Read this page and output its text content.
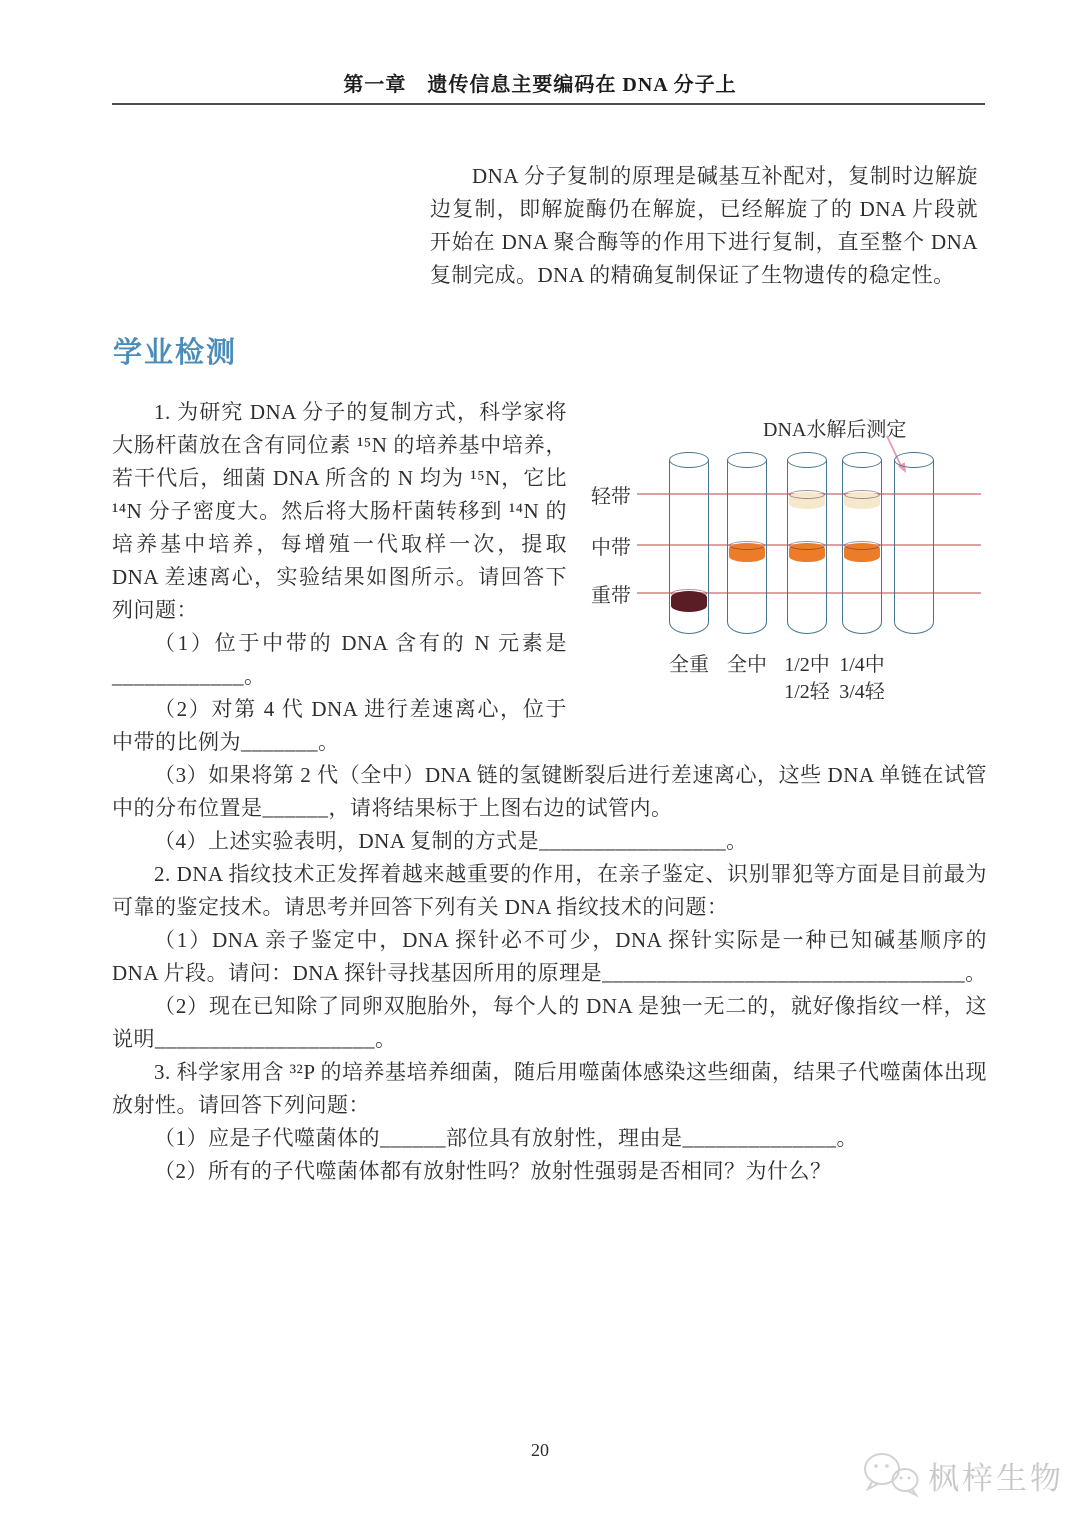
第一章　遗传信息主要编码在 DNA 分子上
DNA 分子复制的原理是碱基互补配对，复制时边解旋边复制，即解旋酶仍在解旋，已经解旋了的 DNA 片段就开始在 DNA 聚合酶等的作用下进行复制，直至整个 DNA 复制完成。DNA 的精确复制保证了生物遗传的稳定性。
学业检测
DNA水解后测定
轻带
中带
重带
全重 全中 1/2中
1/2轻
1/4中
3/4轻

1. 为研究 DNA 分子的复制方式，科学家将大肠杆菌放在含有同位素 ¹⁵N 的培养基中培养，若干代后，细菌 DNA 所含的 N 均为 ¹⁵N，它比 ¹⁴N 分子密度大。然后将大肠杆菌转移到 ¹⁴N 的培养基中培养，每增殖一代取样一次，提取 DNA 差速离心，实验结果如图所示。请回答下列问题：

（1）位于中带的 DNA 含有的 N 元素是____________。

（2）对第 4 代 DNA 进行差速离心，位于中带的比例为_______。

（3）如果将第 2 代（全中）DNA 链的氢键断裂后进行差速离心，这些 DNA 单链在试管中的分布位置是______，请将结果标于上图右边的试管内。

（4）上述实验表明，DNA 复制的方式是_________________。

2. DNA 指纹技术正发挥着越来越重要的作用，在亲子鉴定、识别罪犯等方面是目前最为可靠的鉴定技术。请思考并回答下列有关 DNA 指纹技术的问题：

（1）DNA 亲子鉴定中，DNA 探针必不可少，DNA 探针实际是一种已知碱基顺序的 DNA 片段。请问：DNA 探针寻找基因所用的原理是_________________________________。

（2）现在已知除了同卵双胞胎外，每个人的 DNA 是独一无二的，就好像指纹一样，这说明____________________。

3. 科学家用含 ³²P 的培养基培养细菌，随后用噬菌体感染这些细菌，结果子代噬菌体出现放射性。请回答下列问题：

（1）应是子代噬菌体的______部位具有放射性，理由是______________。

（2）所有的子代噬菌体都有放射性吗？放射性强弱是否相同？为什么？

20
枫梓生物
